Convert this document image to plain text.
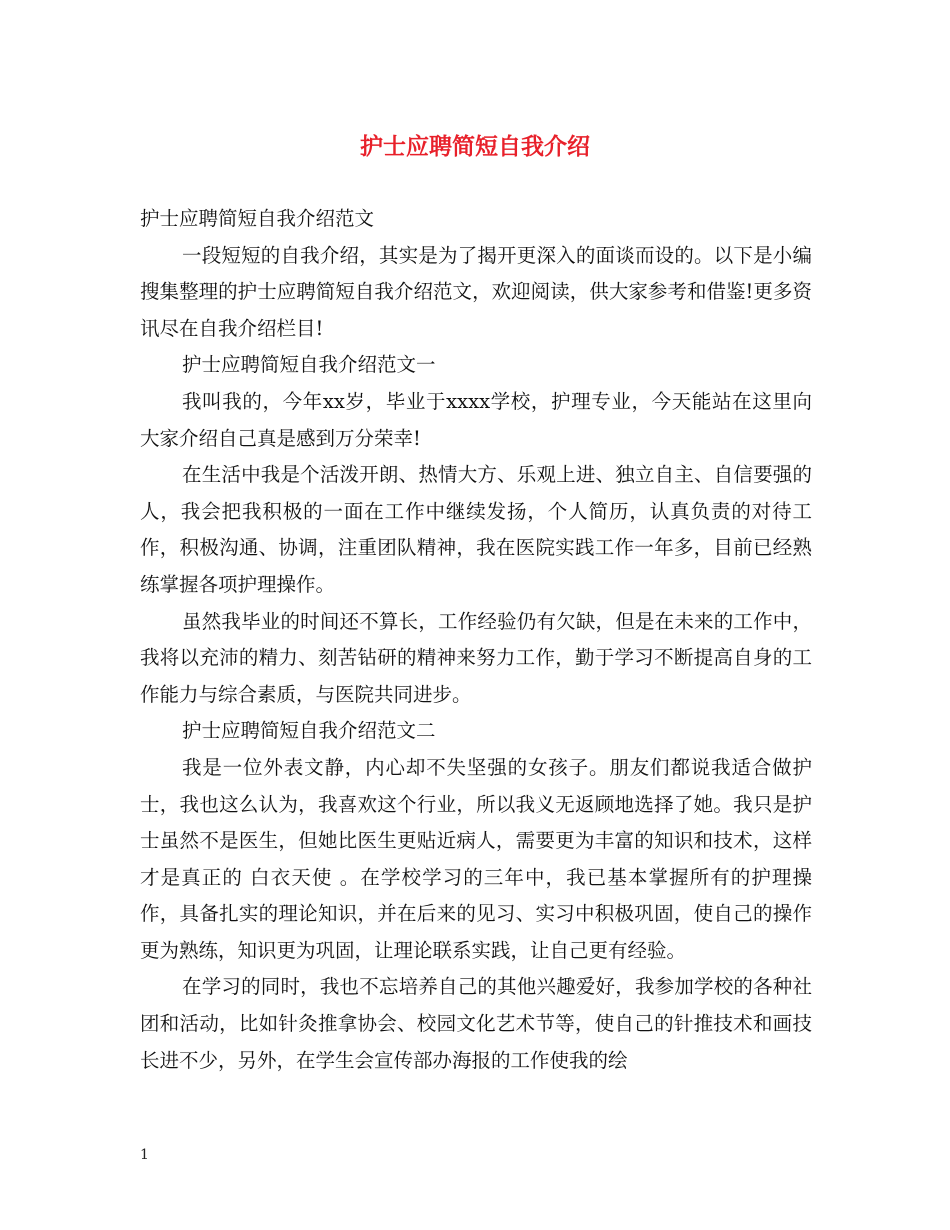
护士应聘简短自我介绍

护士应聘简短自我介绍范文

一段短短的自我介绍，其实是为了揭开更深入的面谈而设的。以下是小编搜集整理的护士应聘简短自我介绍范文，欢迎阅读，供大家参考和借鉴!更多资讯尽在自我介绍栏目!

护士应聘简短自我介绍范文一

我叫我的，今年xx岁，毕业于xxxx学校，护理专业，今天能站在这里向大家介绍自己真是感到万分荣幸!

在生活中我是个活泼开朗、热情大方、乐观上进、独立自主、自信要强的人，我会把我积极的一面在工作中继续发扬，个人简历，认真负责的对待工作，积极沟通、协调，注重团队精神，我在医院实践工作一年多，目前已经熟练掌握各项护理操作。

虽然我毕业的时间还不算长，工作经验仍有欠缺，但是在未来的工作中，我将以充沛的精力、刻苦钻研的精神来努力工作，勤于学习不断提高自身的工作能力与综合素质，与医院共同进步。

护士应聘简短自我介绍范文二

我是一位外表文静，内心却不失坚强的女孩子。朋友们都说我适合做护士，我也这么认为，我喜欢这个行业，所以我义无返顾地选择了她。我只是护士虽然不是医生，但她比医生更贴近病人，需要更为丰富的知识和技术，这样才是真正的 白衣天使 。在学校学习的三年中，我已基本掌握所有的护理操作，具备扎实的理论知识，并在后来的见习、实习中积极巩固，使自己的操作更为熟练，知识更为巩固，让理论联系实践，让自己更有经验。

在学习的同时，我也不忘培养自己的其他兴趣爱好，我参加学校的各种社团和活动，比如针灸推拿协会、校园文化艺术节等，使自己的针推技术和画技长进不少，另外，在学生会宣传部办海报的工作使我的绘

1
